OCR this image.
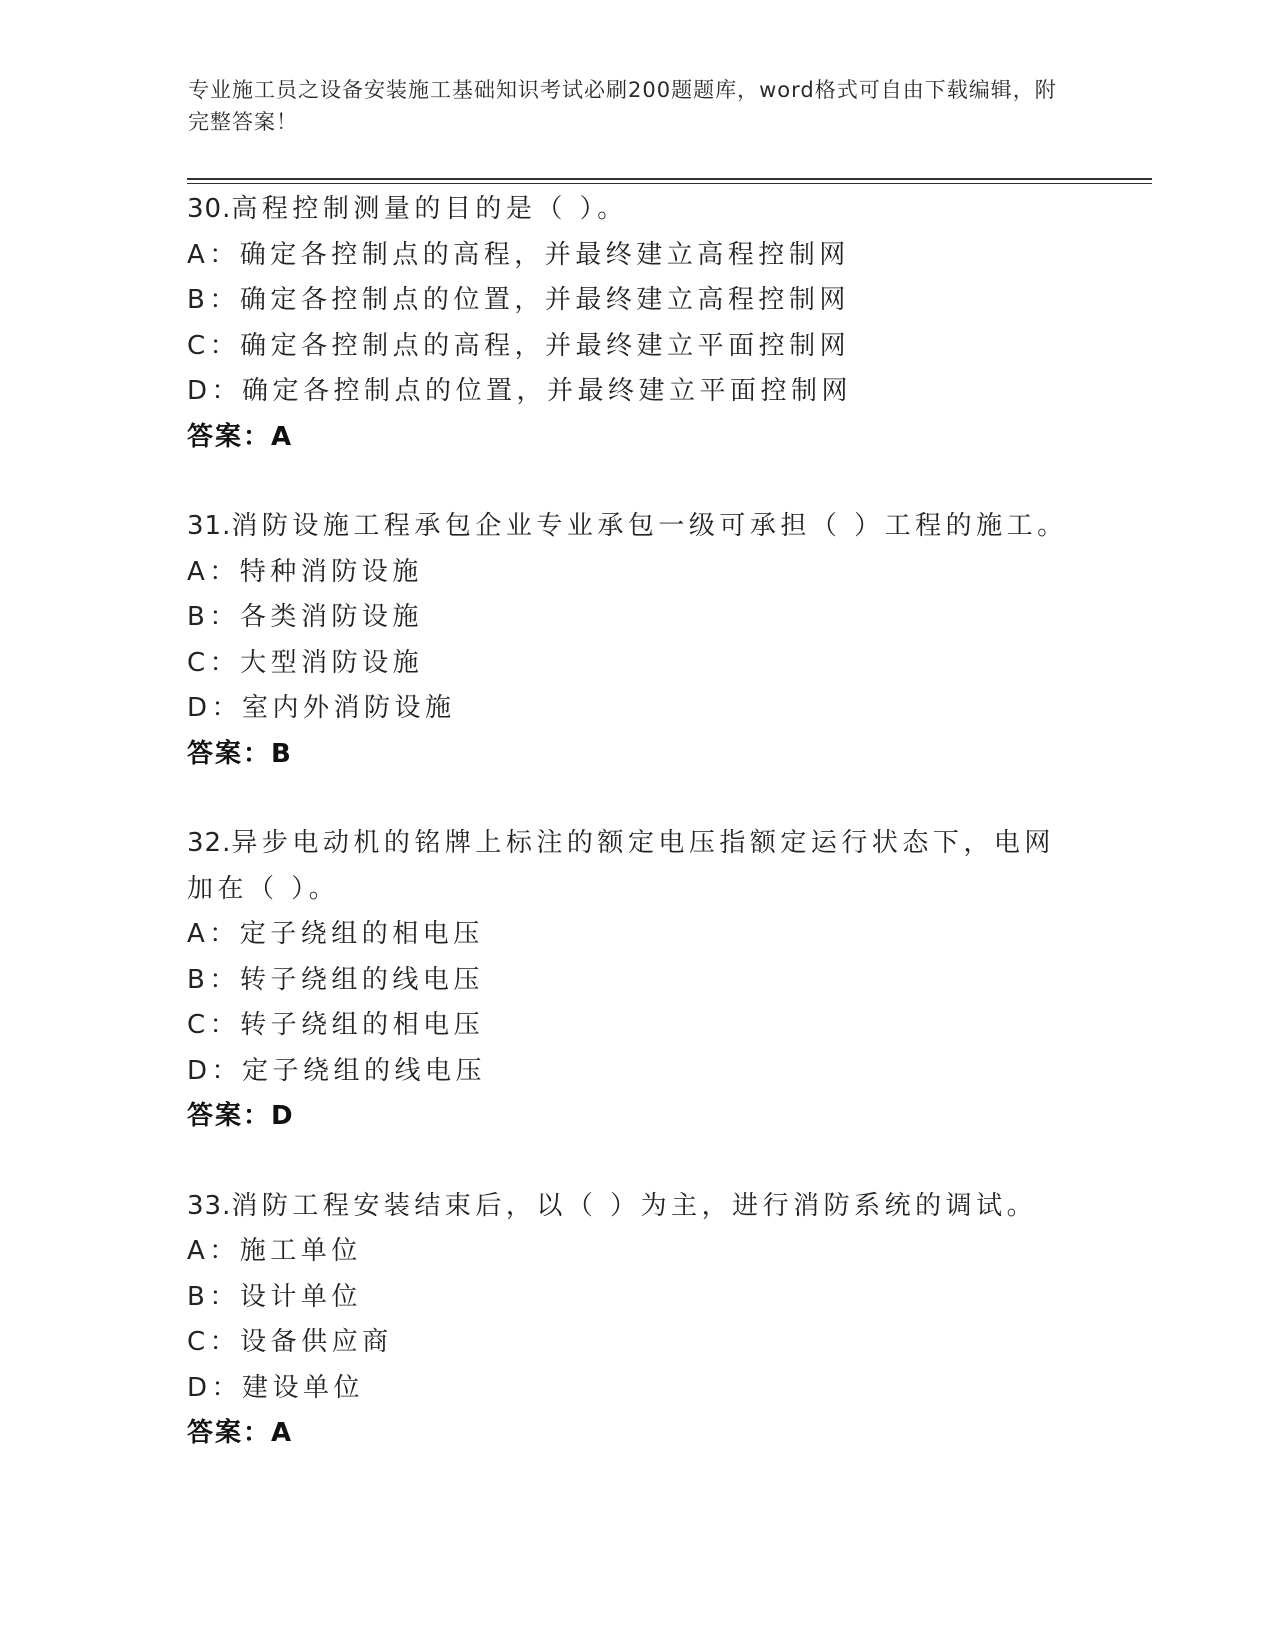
专业施工员之设备安装施工基础知识考试必刷200题题库，word格式可自由下载编辑，附完整答案！
30.高程控制测量的目的是（ ）。
A：确定各控制点的高程，并最终建立高程控制网
B：确定各控制点的位置，并最终建立高程控制网
C：确定各控制点的高程，并最终建立平面控制网
D：确定各控制点的位置，并最终建立平面控制网
答案：A
31.消防设施工程承包企业专业承包一级可承担（ ）工程的施工。
A：特种消防设施
B：各类消防设施
C：大型消防设施
D：室内外消防设施
答案：B
32.异步电动机的铭牌上标注的额定电压指额定运行状态下，电网加在（ ）。
A：定子绕组的相电压
B：转子绕组的线电压
C：转子绕组的相电压
D：定子绕组的线电压
答案：D
33.消防工程安装结束后，以（ ）为主，进行消防系统的调试。
A：施工单位
B：设计单位
C：设备供应商
D：建设单位
答案：A
